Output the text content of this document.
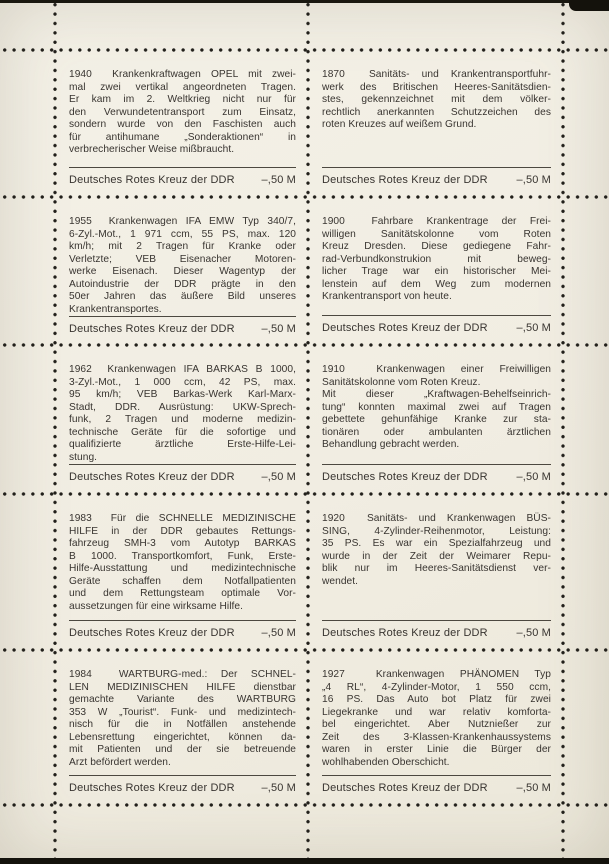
1940  Krankenkraftwagen OPEL mit zwei-
mal zwei vertikal angeordneten Tragen.
Er kam im 2. Weltkrieg nicht nur für
den Verwundetentransport zum Einsatz,
sondern wurde von den Faschisten auch
für antihumane „Sonderaktionen“ in
verbrecherischer Weise mißbraucht.
Deutsches Rotes Kreuz der DDR –,50 M
1870  Sanitäts- und Krankentransportfuhr-
werk des Britischen Heeres-Sanitätsdien-
stes, gekennzeichnet mit dem völker-
rechtlich anerkannten Schutzzeichen des
roten Kreuzes auf weißem Grund.
Deutsches Rotes Kreuz der DDR	–,50 M
1955  Krankenwagen IFA EMW Typ 340/7,
6-Zyl.-Mot., 1 971 ccm, 55 PS, max. 120
km/h; mit 2 Tragen für Kranke oder
Verletzte; VEB Eisenacher Motoren-
werke Eisenach. Dieser Wagentyp der
Autoindustrie der DDR prägte in den
50er Jahren das äußere Bild unseres
Krankentransportes.
Deutsches Rotes Kreuz der DDR –,50 M
1900  Fahrbare Krankentrage der Frei-
willigen Sanitätskolonne vom Roten
Kreuz Dresden. Diese gediegene Fahr-
rad-Verbundkonstrukion mit beweg-
licher Trage war ein historischer Mei-
lenstein auf dem Weg zum modernen
Krankentransport von heute.
Deutsches Rotes Kreuz der DDR	–,50 M
1962  Krankenwagen IFA BARKAS B 1000,
3-Zyl.-Mot., 1 000 ccm, 42 PS, max.
95 km/h; VEB Barkas-Werk Karl-Marx-
Stadt, DDR. Ausrüstung: UKW-Sprech-
funk, 2 Tragen und moderne medizin-
technische Geräte für die sofortige und
qualifizierte ärztliche Erste-Hilfe-Lei-
stung.
Deutsches Rotes Kreuz der DDR –,50 M
1910  Krankenwagen einer Freiwilligen
Sanitätskolonne vom Roten Kreuz.
Mit dieser „Kraftwagen-Behelfseinrich-
tung“ konnten maximal zwei auf Tragen
gebettete gehunfähige Kranke zur sta-
tionären oder ambulanten ärztlichen
Behandlung gebracht werden.
Deutsches Rotes Kreuz der DDR	–,50 M
1983  Für die SCHNELLE MEDIZINISCHE
HILFE in der DDR gebautes Rettungs-
fahrzeug SMH-3 vom Autotyp BARKAS
B 1000. Transportkomfort, Funk, Erste-
Hilfe-Ausstattung und medizintechnische
Geräte schaffen dem Notfallpatienten
und dem Rettungsteam optimale Vor-
aussetzungen für eine wirksame Hilfe.
Deutsches Rotes Kreuz der DDR –,50 M
1920  Sanitäts- und Krankenwagen BÜS-
SING, 4-Zylinder-Reihenmotor, Leistung:
35 PS. Es war ein Spezialfahrzeug und
wurde in der Zeit der Weimarer Repu-
blik nur im Heeres-Sanitätsdienst ver-
wendet.
Deutsches Rotes Kreuz der DDR	–,50 M
1984  WARTBURG-med.: Der SCHNEL-
LEN MEDIZINISCHEN HILFE dienstbar
gemachte Variante des WARTBURG
353 W „Tourist“. Funk- und medizintech-
nisch für die in Notfällen anstehende
Lebensrettung eingerichtet, können da-
mit Patienten und der sie betreuende
Arzt befördert werden.
Deutsches Rotes Kreuz der DDR –,50 M
1927  Krankenwagen PHÄNOMEN Typ
„4 RL“, 4-Zylinder-Motor, 1 550 ccm,
16 PS. Das Auto bot Platz für zwei
Liegekranke und war relativ komforta-
bel eingerichtet. Aber Nutznießer zur
Zeit des 3-Klassen-Krankenhaussystems
waren in erster Linie die Bürger der
wohlhabenden Oberschicht.
Deutsches Rotes Kreuz der DDR	–,50 M
